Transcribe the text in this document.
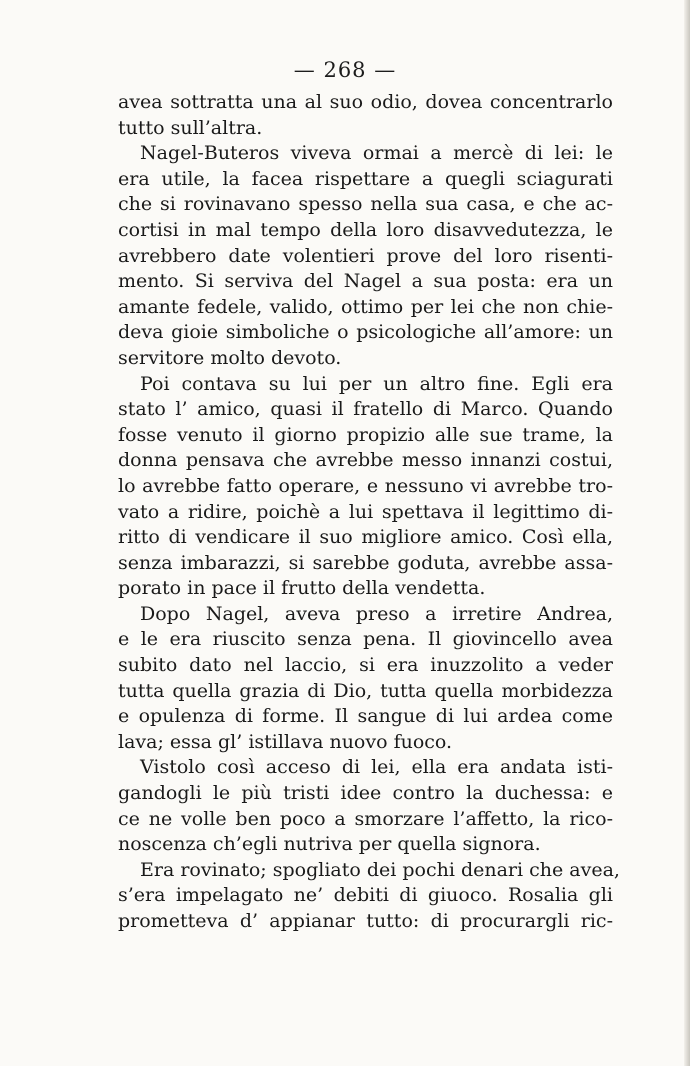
— 268 —
avea sottratta una al suo odio, dovea concentrarlo
tutto sull’altra.
Nagel-Buteros viveva ormai a mercè di lei: le
era utile, la facea rispettare a quegli sciagurati
che si rovinavano spesso nella sua casa, e che ac-
cortisi in mal tempo della loro disavvedutezza, le
avrebbero date volentieri prove del loro risenti-
mento. Si serviva del Nagel a sua posta: era un
amante fedele, valido, ottimo per lei che non chie-
deva gioie simboliche o psicologiche all’amore: un
servitore molto devoto.
Poi contava su lui per un altro fine. Egli era
stato l’ amico, quasi il fratello di Marco. Quando
fosse venuto il giorno propizio alle sue trame, la
donna pensava che avrebbe messo innanzi costui,
lo avrebbe fatto operare, e nessuno vi avrebbe tro-
vato a ridire, poichè a lui spettava il legittimo di-
ritto di vendicare il suo migliore amico. Così ella,
senza imbarazzi, si sarebbe goduta, avrebbe assa-
porato in pace il frutto della vendetta.
Dopo Nagel, aveva preso a irretire Andrea,
e le era riuscito senza pena. Il giovincello avea
subito dato nel laccio, si era inuzzolito a veder
tutta quella grazia di Dio, tutta quella morbidezza
e opulenza di forme. Il sangue di lui ardea come
lava; essa gl’ istillava nuovo fuoco.
Vistolo così acceso di lei, ella era andata isti-
gandogli le più tristi idee contro la duchessa: e
ce ne volle ben poco a smorzare l’affetto, la rico-
noscenza ch’egli nutriva per quella signora.
Era rovinato; spogliato dei pochi denari che avea,
s’era impelagato ne’ debiti di giuoco. Rosalia gli
prometteva d’ appianar tutto: di procurargli ric-
